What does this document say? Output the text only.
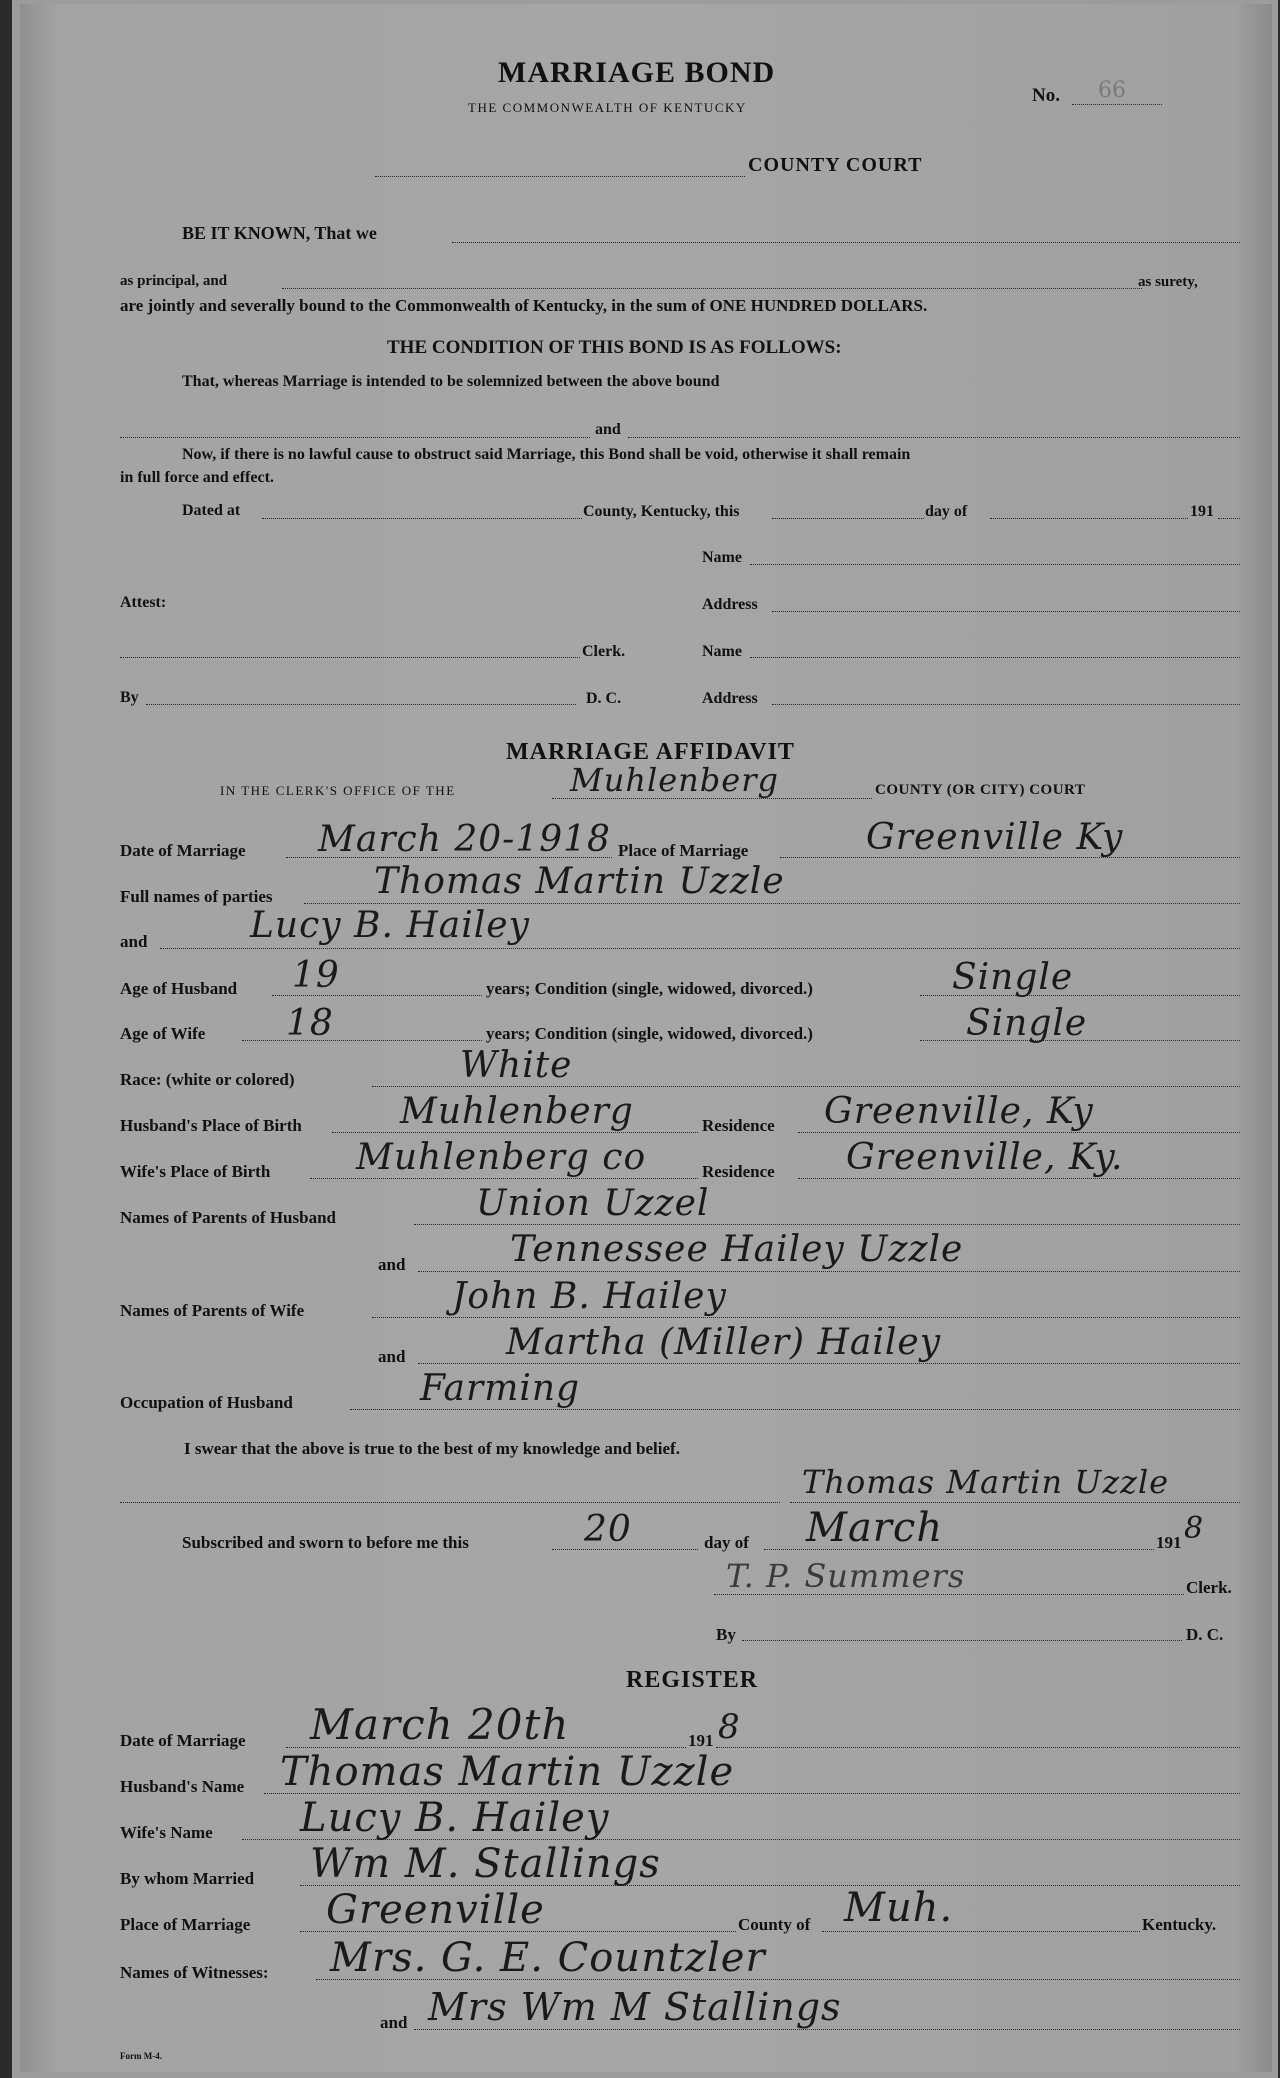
MARRIAGE BOND
THE COMMONWEALTH OF KENTUCKY
No. 66
COUNTY COURT
BE IT KNOWN, That we
as principal, and	as surety,
are jointly and severally bound to the Commonwealth of Kentucky, in the sum of ONE HUNDRED DOLLARS.
THE CONDITION OF THIS BOND IS AS FOLLOWS:
That, whereas Marriage is intended to be solemnized between the above bound
and
Now, if there is no lawful cause to obstruct said Marriage, this Bond shall be void, otherwise it shall remain
in full force and effect.
Dated at	County, Kentucky, this	day of	191
Name
Attest:	Address
Clerk.	Name
By	D. C.	Address
MARRIAGE AFFIDAVIT
IN THE CLERK'S OFFICE OF THE	Muhlenberg	COUNTY (OR CITY) COURT
Date of Marriage March 20-1918 Place of Marriage	Greenville Ky
Full names of parties	Thomas Martin Uzzle
and	Lucy B. Hailey
Age of Husband 19	years; Condition (single, widowed, divorced.)	Single
Age of Wife 18	years; Condition (single, widowed, divorced.)	Single
Race: (white or colored)	White
Husband's Place of Birth	Muhlenberg	Residence Greenville, Ky
Wife's Place of Birth Muhlenberg co	Residence Greenville, Ky.
Names of Parents of Husband	Union Uzzel
and	Tennessee Hailey Uzzle
Names of Parents of Wife	John B. Hailey
and	Martha (Miller) Hailey
Occupation of Husband	Farming
I swear that the above is true to the best of my knowledge and belief.
Thomas Martin Uzzle
Subscribed and sworn to before me this	20	day of March	191 8
T. P. Summers	Clerk.
By	D. C.
REGISTER
Date of Marriage March 20th	191 8
Husband's Name Thomas Martin Uzzle
Wife's Name Lucy B. Hailey
By whom Married Wm M. Stallings
Place of Marriage Greenville	County of Muh.	Kentucky.
Names of Witnesses: Mrs. G. E. Countzler
and Mrs Wm M Stallings
Form M-4.
